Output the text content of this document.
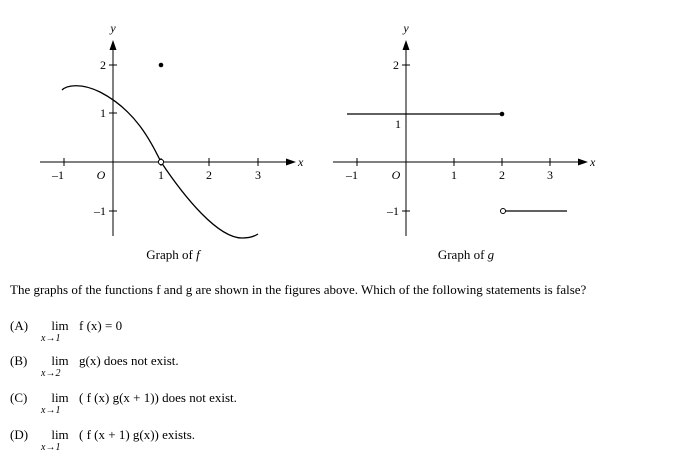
y
x
O
–1	1	2	3
2
1
–1
Graph of f
y
x
O
–1	1	2	3
2
1
–1
Graph of g
The graphs of the functions f and g are shown in the figures above. Which of the following statements is false?
(A)	lim
x→1
f (x) = 0
(B)	lim
x→2
g(x) does not exist.
(C)	lim
x→1
( f (x) g(x + 1)) does not exist.
(D)	lim
x→1
( f (x + 1) g(x)) exists.
